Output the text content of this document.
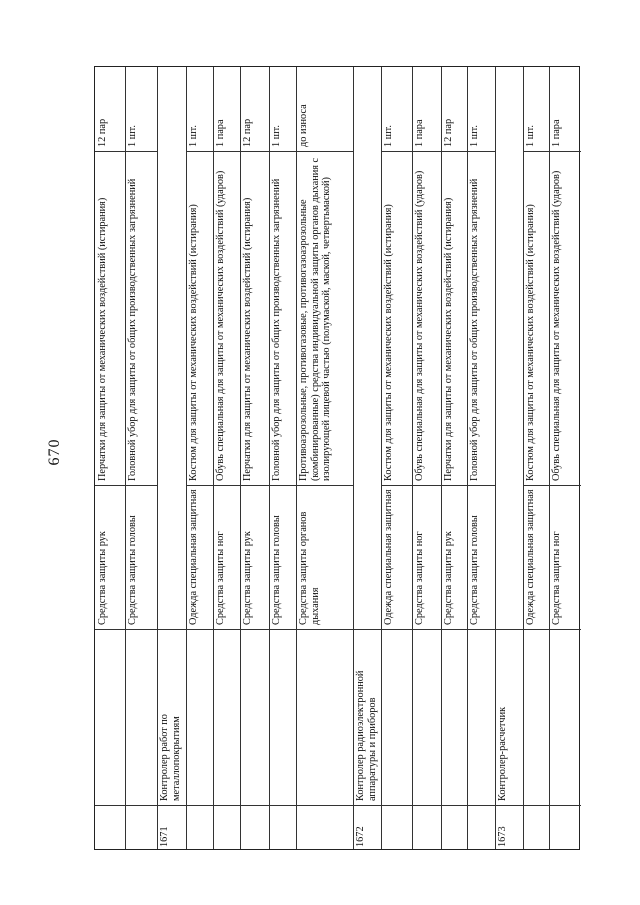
670
12 пар
Перчатки для защиты от механических воздействий (истирания)
Средства защиты рук
1 шт.
Головной убор для защиты от общих производственных загрязнений
Средства защиты головы
Контролер работ по металлопокрытиям
1671
1 шт.
Костюм для защиты от механических воздействий (истирания)
Одежда специальная защитная
1 пара
Обувь специальная для защиты от механических воздействий (ударов)
Средства защиты ног
12 пар
Перчатки для защиты от механических воздействий (истирания)
Средства защиты рук
1 шт.
Головной убор для защиты от общих производственных загрязнений
Средства защиты головы
до износа
Противоаэрозольные, противогазовые, противогазоаэрозольные (комбинированные) средства индивидуальной защиты органов дыхания с изолирующей лицевой частью (полумаской, маской, четвертьмаской)
Средства защиты органов дыхания
Контролер радиоэлектронной аппаратуры и приборов
1672
1 шт.
Костюм для защиты от механических воздействий (истирания)
Одежда специальная защитная
1 пара
Обувь специальная для защиты от механических воздействий (ударов)
Средства защиты ног
12 пар
Перчатки для защиты от механических воздействий (истирания)
Средства защиты рук
1 шт.
Головной убор для защиты от общих производственных загрязнений
Средства защиты головы
Контролер-расчетчик
1673
1 шт.
Костюм для защиты от механических воздействий (истирания)
Одежда специальная защитная
1 пара
Обувь специальная для защиты от механических воздействий (ударов)
Средства защиты ног
